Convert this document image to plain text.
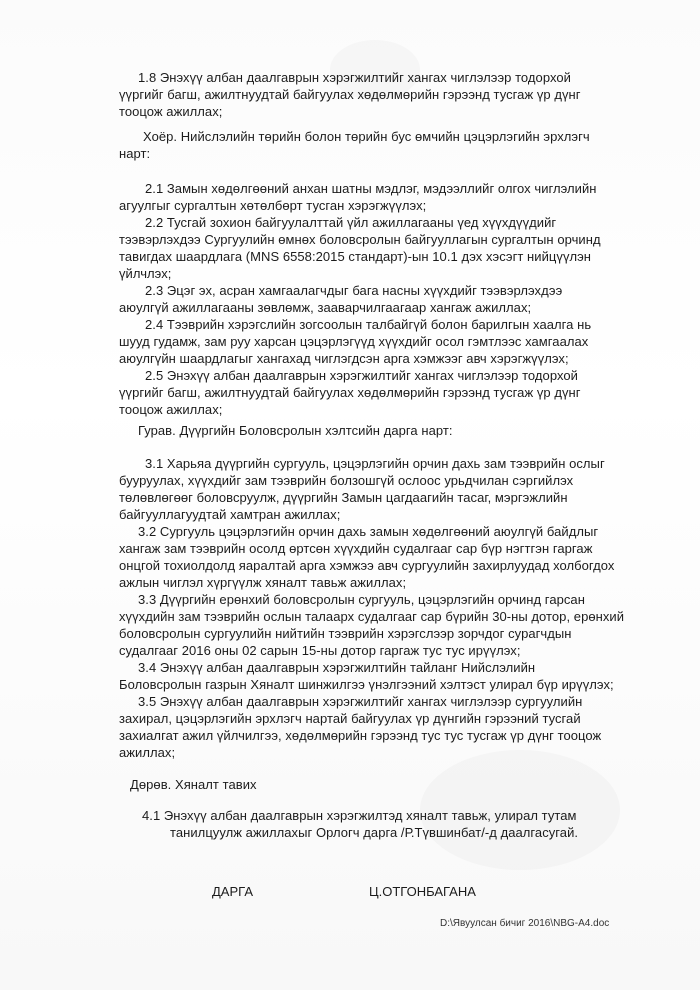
1.8 Энэхүү албан даалгаврын хэрэгжилтийг хангах чиглэлээр тодорхой
үүргийг багш, ажилтнуудтай байгуулах хөдөлмөрийн гэрээнд тусгаж үр дүнг
тооцож ажиллах;
Хоёр. Нийслэлийн төрийн болон төрийн бус өмчийн цэцэрлэгийн эрхлэгч
нарт:
2.1 Замын хөдөлгөөний анхан шатны мэдлэг, мэдээллийг олгох чиглэлийн
агуулгыг сургалтын хөтөлбөрт тусган хэрэгжүүлэх;
2.2 Тусгай зохион байгуулалттай үйл ажиллагааны үед хүүхдүүдийг
тээвэрлэхдээ Сургуулийн өмнөх боловсролын байгууллагын сургалтын орчинд
тавигдах шаардлага (MNS 6558:2015 стандарт)-ын 10.1 дэх хэсэгт нийцүүлэн
үйлчлэх;
2.3 Эцэг эх, асран хамгаалагчдыг бага насны хүүхдийг тээвэрлэхдээ
аюулгүй ажиллагааны зөвлөмж, зааварчилгаагаар хангаж ажиллах;
2.4 Тээврийн хэрэгслийн зогсоолын талбайгүй болон барилгын хаалга нь
шууд гудамж, зам руу харсан цэцэрлэгүүд хүүхдийг осол гэмтлээс хамгаалах
аюулгүйн шаардлагыг хангахад чиглэгдсэн арга хэмжээг авч хэрэгжүүлэх;
2.5 Энэхүү албан даалгаврын хэрэгжилтийг хангах чиглэлээр тодорхой
үүргийг багш, ажилтнуудтай байгуулах хөдөлмөрийн гэрээнд тусгаж үр дүнг
тооцож ажиллах;
Гурав. Дүүргийн Боловсролын хэлтсийн дарга нарт:
3.1 Харьяа дүүргийн сургууль, цэцэрлэгийн орчин дахь зам тээврийн ослыг
бууруулах, хүүхдийг зам тээврийн болзошгүй ослоос урьдчилан сэргийлэх
төлөвлөгөөг боловсруулж, дүүргийн Замын цагдаагийн тасаг, мэргэжлийн
байгууллагуудтай хамтран ажиллах;
3.2 Сургууль цэцэрлэгийн орчин дахь замын хөдөлгөөний аюулгүй байдлыг
хангаж зам тээврийн осолд өртсөн хүүхдийн судалгааг сар бүр нэгтгэн гаргаж
онцгой тохиолдолд яаралтай арга хэмжээ авч сургуулийн захирлуудад холбогдох
ажлын чиглэл хүргүүлж хяналт тавьж ажиллах;
3.3 Дүүргийн ерөнхий боловсролын сургууль, цэцэрлэгийн орчинд гарсан
хүүхдийн зам тээврийн ослын талаарх судалгааг сар бүрийн 30-ны дотор, ерөнхий
боловсролын сургуулийн нийтийн тээврийн хэрэгслээр зорчдог сурагчдын
судалгааг 2016 оны 02 сарын 15-ны дотор гаргаж тус тус ирүүлэх;
3.4 Энэхүү албан даалгаврын хэрэгжилтийн тайланг Нийслэлийн
Боловсролын газрын Хяналт шинжилгээ үнэлгээний хэлтэст улирал бүр ирүүлэх;
3.5 Энэхүү албан даалгаврын хэрэгжилтийг хангах чиглэлээр сургуулийн
захирал, цэцэрлэгийн эрхлэгч нартай байгуулах үр дүнгийн гэрээний тусгай
захиалгат ажил үйлчилгээ, хөдөлмөрийн гэрээнд тус тус тусгаж үр дүнг тооцож
ажиллах;
Дөрөв. Хяналт тавих
4.1 Энэхүү албан даалгаврын хэрэгжилтэд хяналт тавьж, улирал тутам
танилцуулж ажиллахыг Орлогч дарга /Р.Түвшинбат/-д даалгасугай.
ДАРГА	Ц.ОТГОНБАГАНА
D:\Явуулсан бичиг 2016\NBG-A4.doc
